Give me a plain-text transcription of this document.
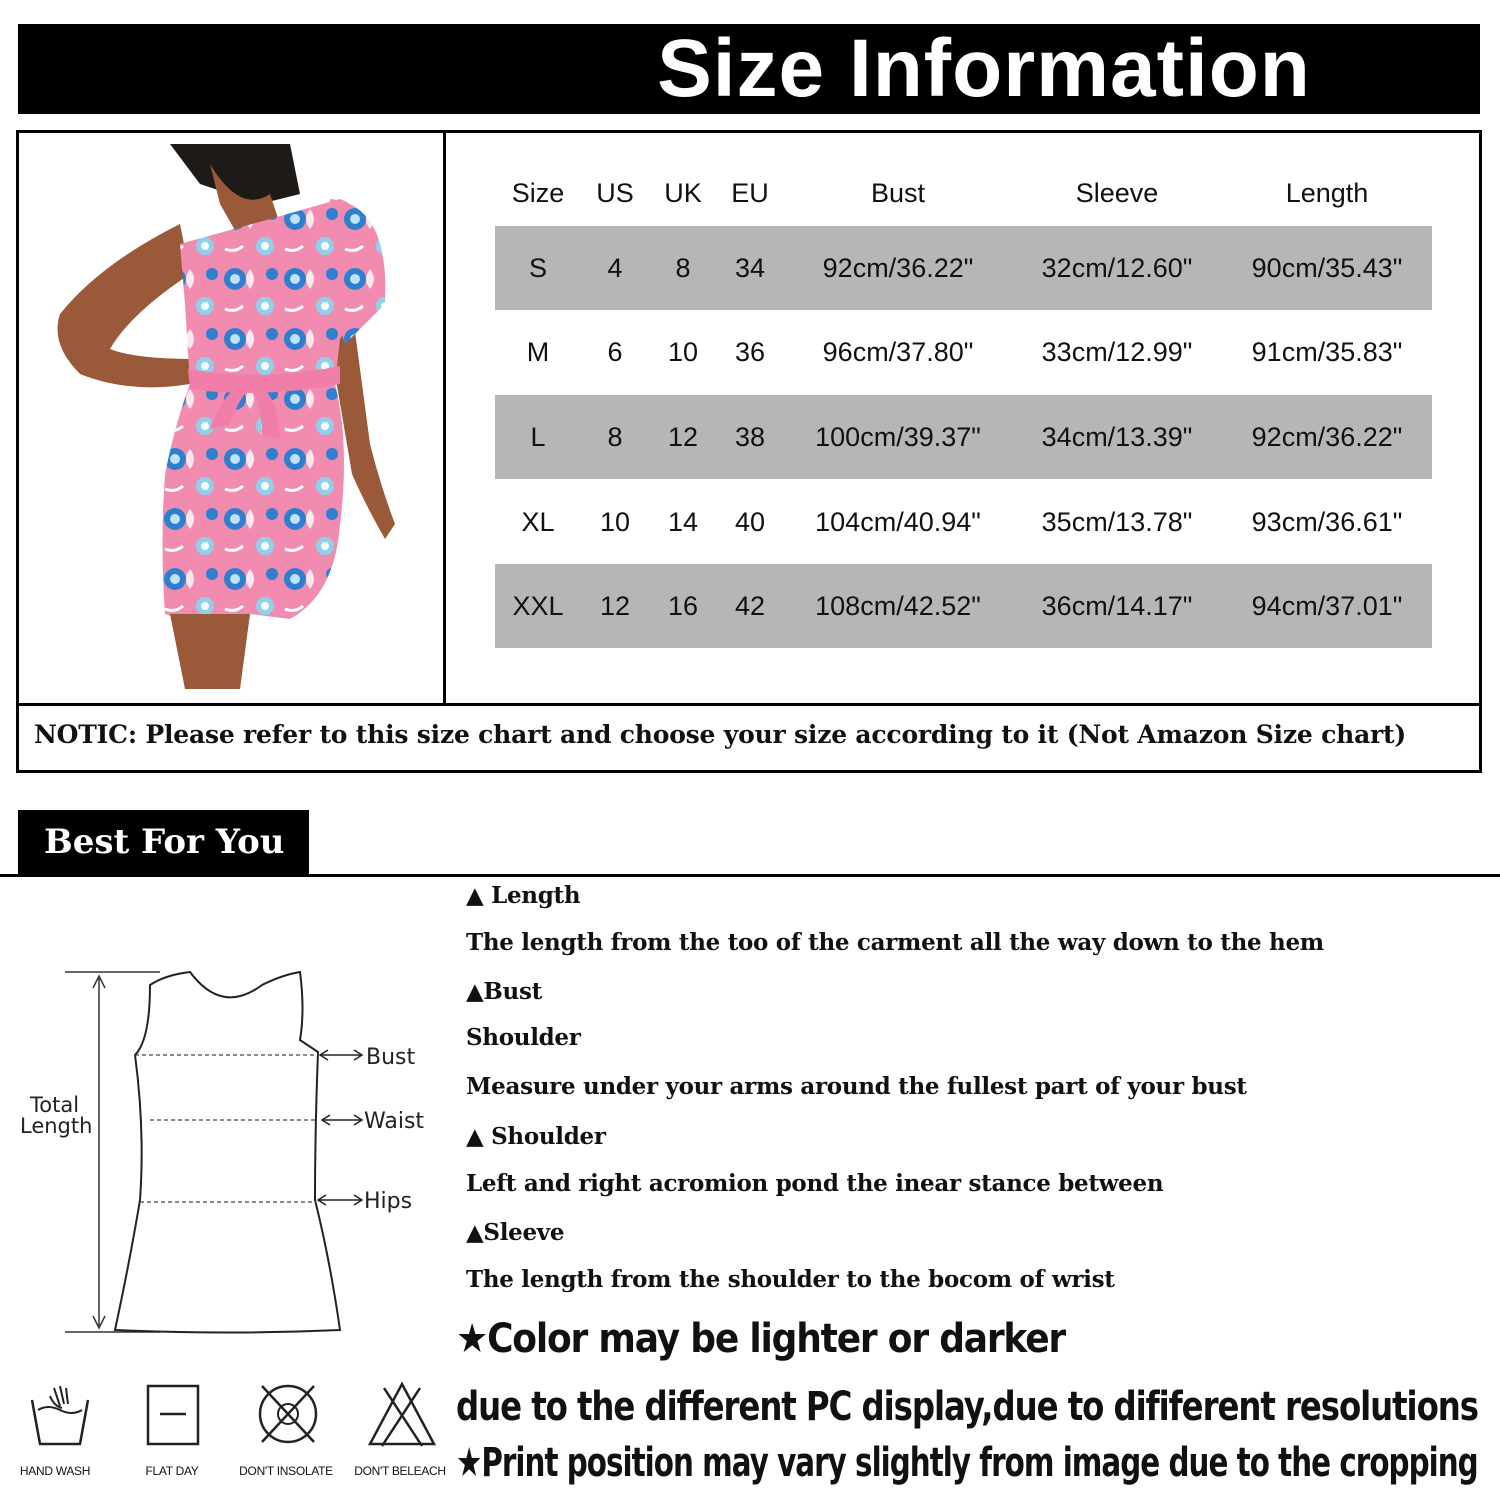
Size Information
Size US UK EU	Bust	Sleeve	Length
S 4 8 34 92cm/36.22"	32cm/12.60" 90cm/35.43"
M 6 10 36 96cm/37.80"	33cm/12.99" 91cm/35.83"
L 8 12 38 100cm/39.37" 34cm/13.39" 92cm/36.22"
XL 10 14 40 104cm/40.94" 35cm/13.78" 93cm/36.61"
XXL 12 16 42 108cm/42.52" 36cm/14.17" 94cm/37.01"
NOTIC: Please refer to this size chart and choose your size according to it (Not Amazon Size chart)
Best For You
Total
Length
Bust
Waist
Hips
HAND WASH	FLAT DAY	DON'T INSOLATE DON'T BELEACH
▲ Length
The length from the too of the carment all the way down to the hem
▲Bust
Shoulder
Measure under your arms around the fullest part of your bust
▲ Shoulder
Left and right acromion pond the inear stance between
▲Sleeve
The length from the shoulder to the bocom of wrist
★Color may be lighter or darker
due to the different PC display,due to dififerent resolutions
★Print position may vary slightly from image due to the cropping
